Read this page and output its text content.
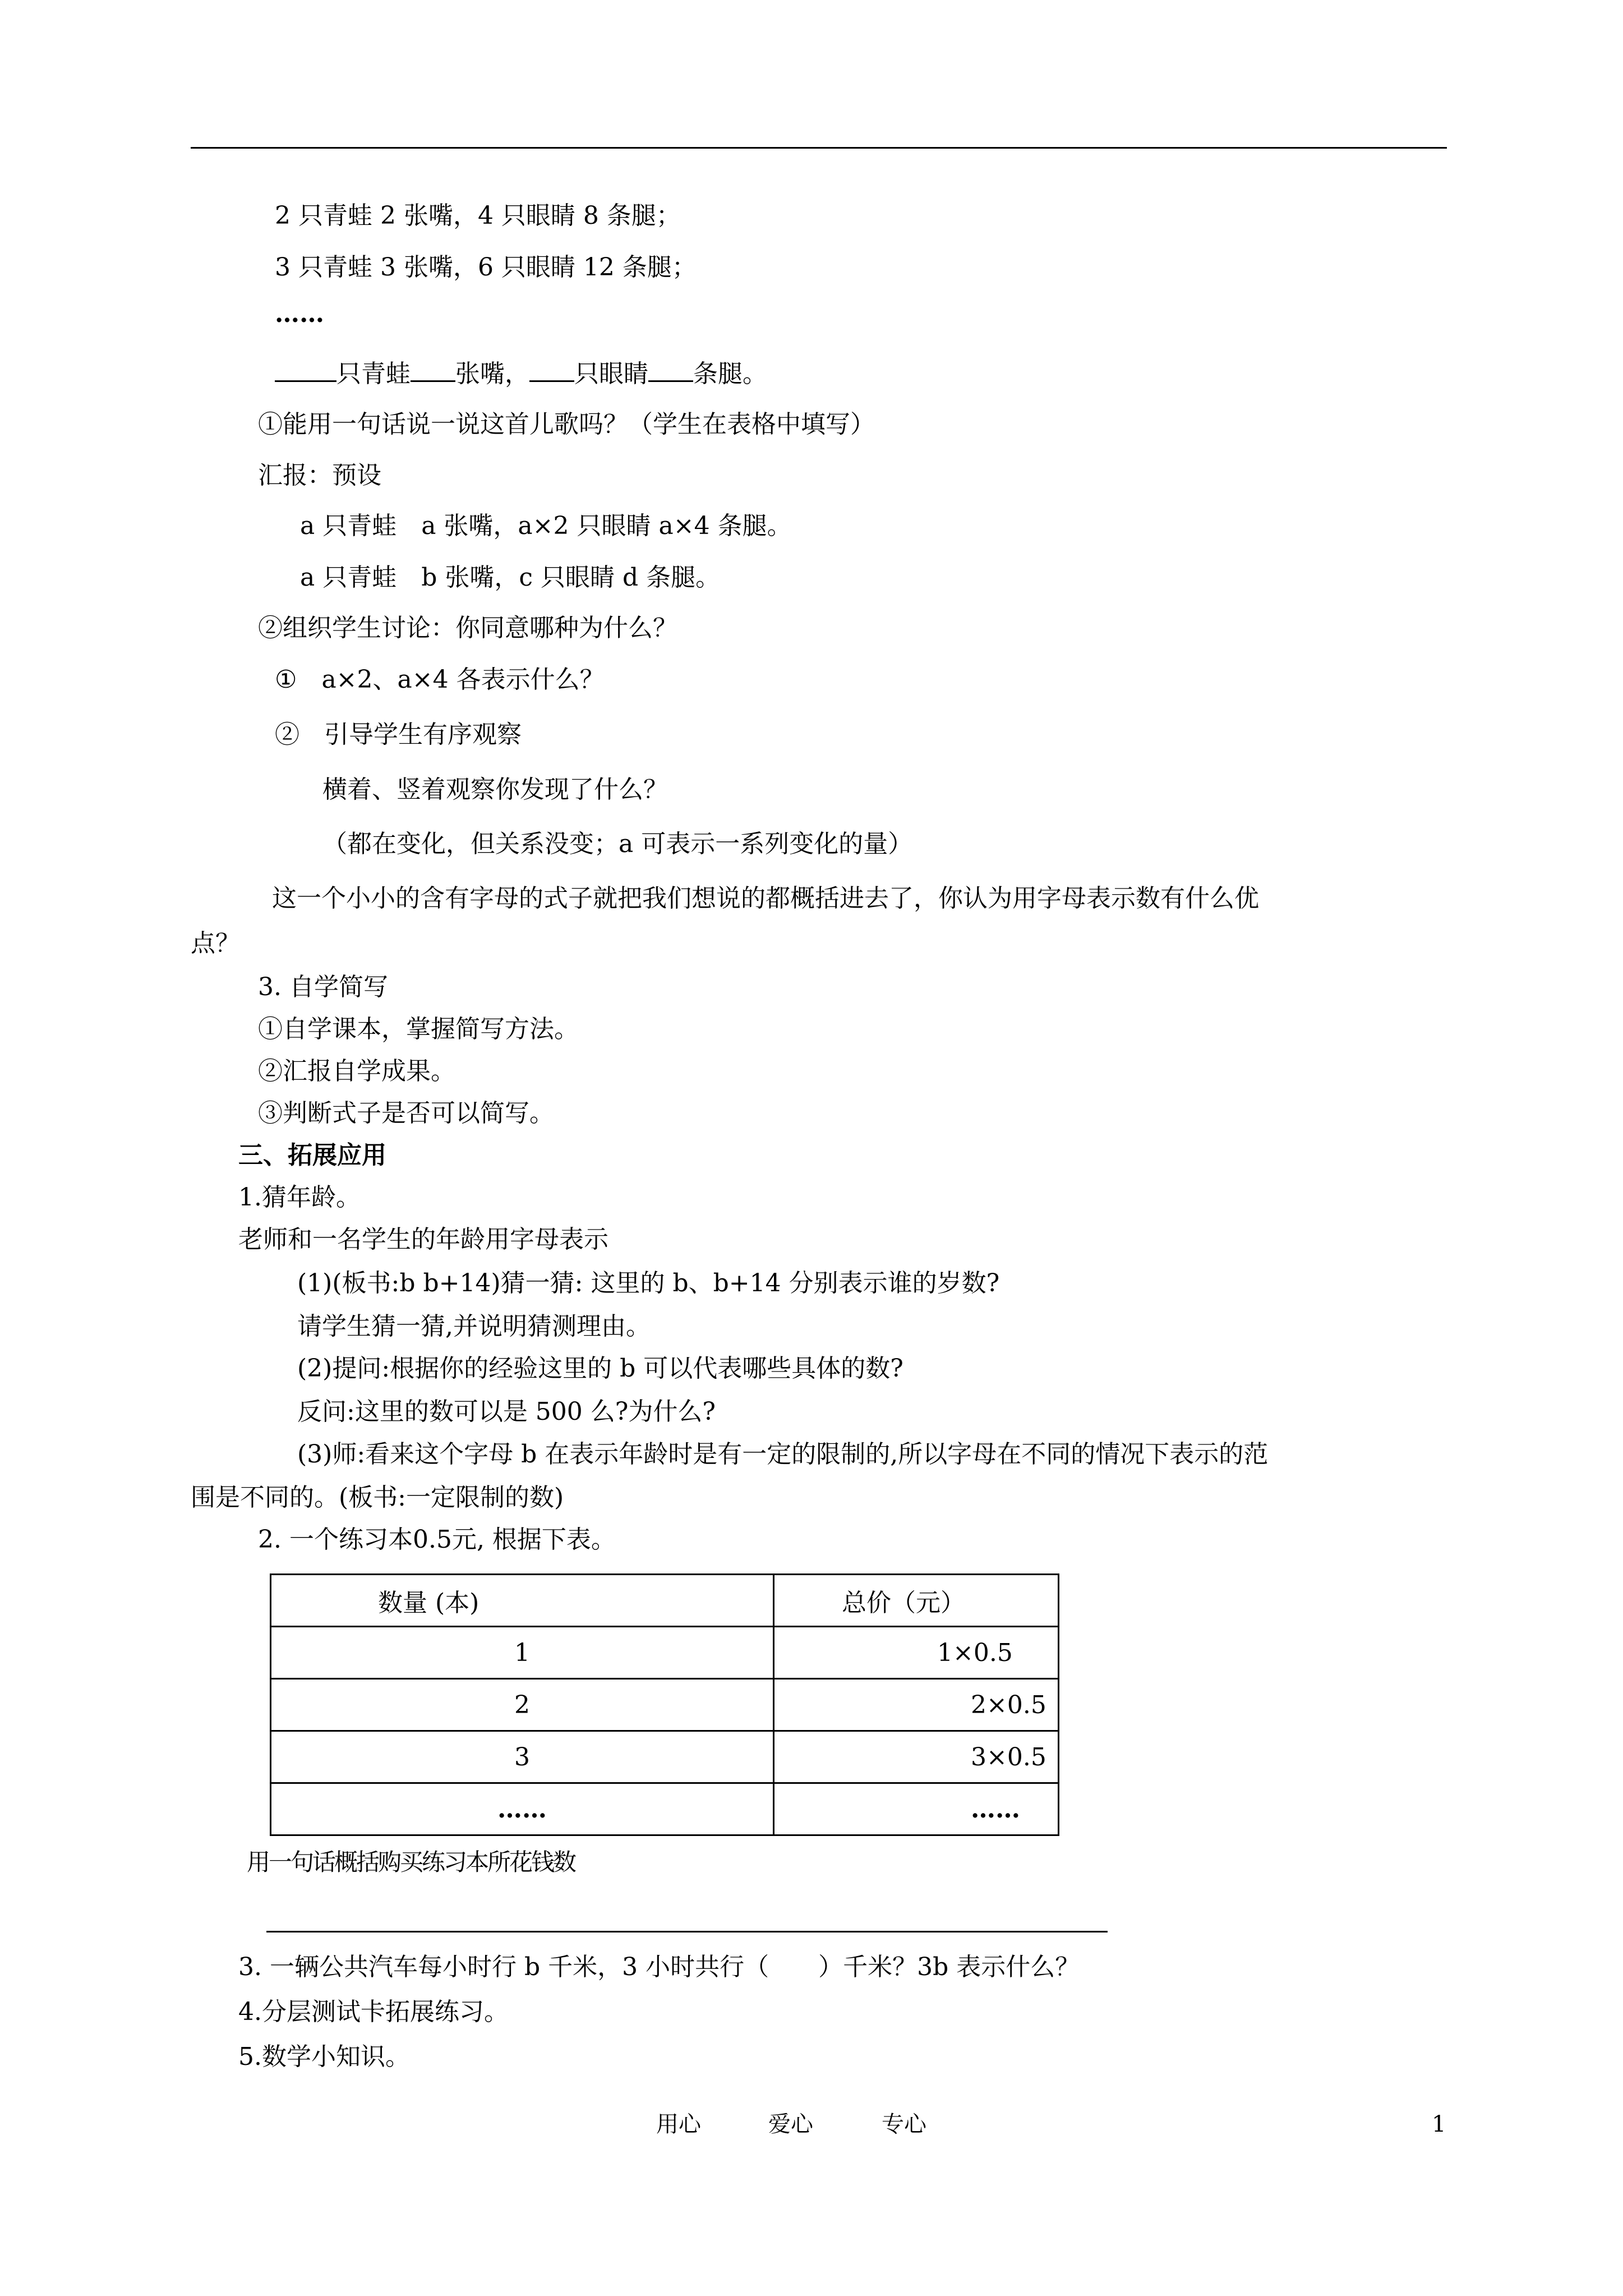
2 只青蛙 2 张嘴，4 只眼睛 8 条腿；
3 只青蛙 3 张嘴，6 只眼睛 12 条腿；
……
只青蛙 张嘴， 只眼睛 条腿。
①能用一句话说一说这首儿歌吗？（学生在表格中填写）
汇报：预设
a 只青蛙　a 张嘴，a×2 只眼睛 a×4 条腿。
a 只青蛙　b 张嘴，c 只眼睛 d 条腿。
②组织学生讨论：你同意哪种为什么？
①　a×2、a×4 各表示什么？
②　引导学生有序观察
横着、竖着观察你发现了什么？
（都在变化，但关系没变；a 可表示一系列变化的量）
这一个小小的含有字母的式子就把我们想说的都概括进去了，你认为用字母表示数有什么优
点？
3. 自学简写
①自学课本，掌握简写方法。
②汇报自学成果。
③判断式子是否可以简写。
三、拓展应用
1.猜年龄。
老师和一名学生的年龄用字母表示
(1)(板书:b b+14)猜一猜: 这里的 b、b+14 分别表示谁的岁数?
请学生猜一猜,并说明猜测理由。
(2)提问:根据你的经验这里的 b 可以代表哪些具体的数?
反问:这里的数可以是 500 么?为什么?
(3)师:看来这个字母 b 在表示年龄时是有一定的限制的,所以字母在不同的情况下表示的范
围是不同的。(板书:一定限制的数)
2. 一个练习本0.5元, 根据下表。
数量 (本)	总价（元）
1	1×0.5
2	2×0.5
3	3×0.5
……	……
用一句话概括购买练习本所花钱数
3. 一辆公共汽车每小时行 b 千米，3 小时共行（　　）千米？3b 表示什么？
4.分层测试卡拓展练习。
5.数学小知识。
用心	爱心	专心	1
